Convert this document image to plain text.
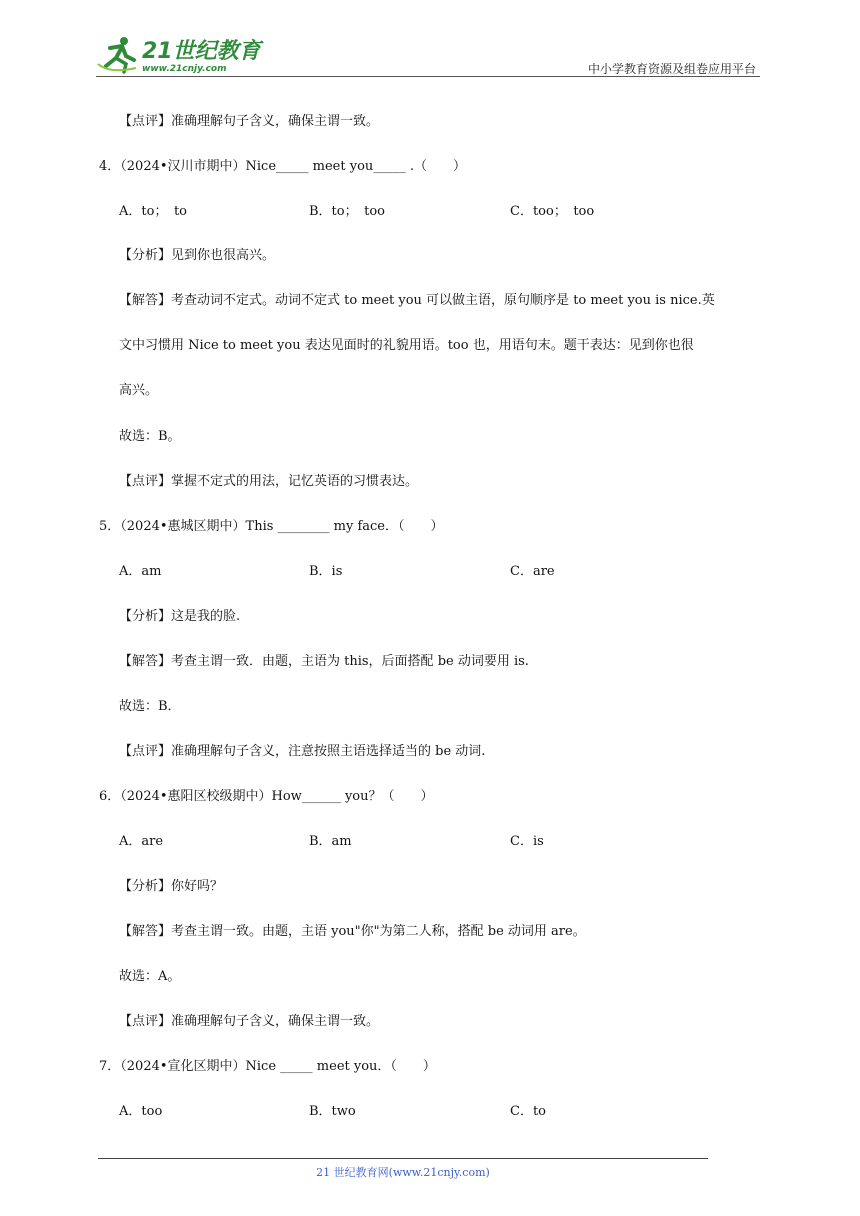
21世纪教育
www.21cnjy.com	中小学教育资源及组卷应用平台
【点评】准确理解句子含义，确保主谓一致。
4．（2024•汉川市期中）Nice_____ meet you_____ .（　　）
A．to；　to	B．to；　too	C．too；　too
【分析】见到你也很高兴。
【解答】考查动词不定式。动词不定式 to meet you 可以做主语，原句顺序是 to meet you is nice.英
文中习惯用 Nice to meet you 表达见面时的礼貌用语。too 也，用语句末。题干表达：见到你也很
高兴。
故选：B。
【点评】掌握不定式的用法，记忆英语的习惯表达。
5．（2024•惠城区期中）This ________ my face．（　　）
A．am	B．is	C．are
【分析】这是我的脸.
【解答】考查主谓一致．由题，主语为 this，后面搭配 be 动词要用 is.
故选：B．
【点评】准确理解句子含义，注意按照主语选择适当的 be 动词.
6．（2024•惠阳区校级期中）How______ you？（　　）
A．are	B．am	C．is
【分析】你好吗？
【解答】考查主谓一致。由题，主语 you"你"为第二人称，搭配 be 动词用 are。
故选：A。
【点评】准确理解句子含义，确保主谓一致。
7．（2024•宣化区期中）Nice _____ meet you．（　　）
A．too	B．two	C．to
21 世纪教育网(www.21cnjy.com)
